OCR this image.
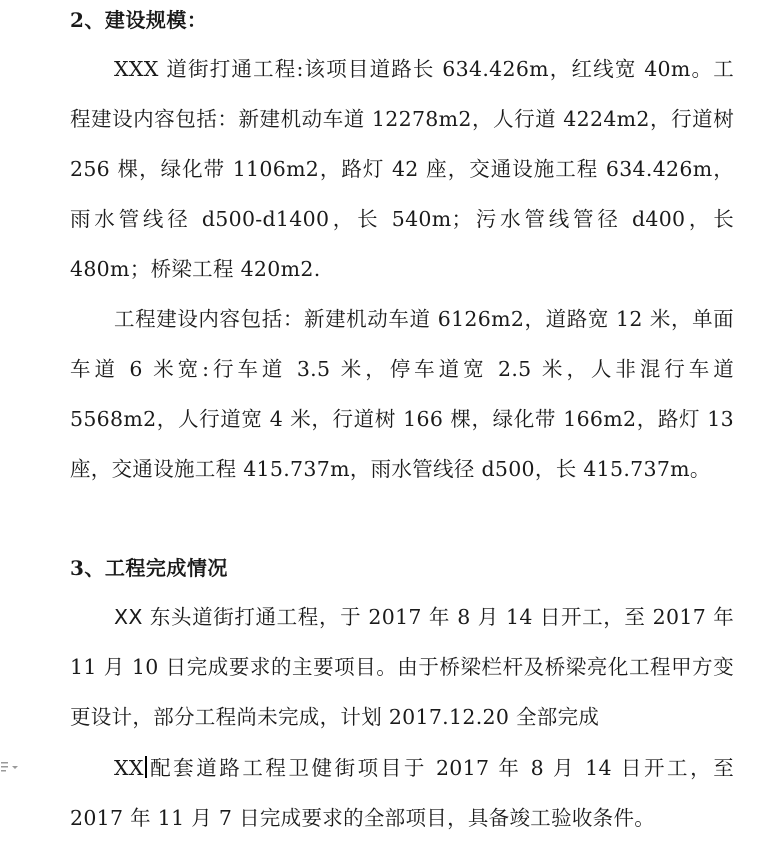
2、建设规模：

XXX 道街打通工程:该项目道路长 634.426m，红线宽 40m。工程建设内容包括：新建机动车道 12278m2，人行道 4224m2，行道树 256 棵，绿化带 1106m2，路灯 42 座，交通设施工程 634.426m，雨水管线径 d500-d1400，长 540m；污水管线管径 d400，长 480m；桥梁工程 420m2.

工程建设内容包括：新建机动车道 6126m2，道路宽 12 米，单面车道 6 米宽:行车道 3.5 米，停车道宽 2.5 米，人非混行车道 5568m2，人行道宽 4 米，行道树 166 棵，绿化带 166m2，路灯 13 座，交通设施工程 415.737m，雨水管线径 d500，长 415.737m。

3、工程完成情况

XX 东头道街打通工程，于 2017 年 8 月 14 日开工，至 2017 年 11 月 10 日完成要求的主要项目。由于桥梁栏杆及桥梁亮化工程甲方变更设计，部分工程尚未完成，计划 2017.12.20 全部完成

XX 配套道路工程卫健街项目于 2017 年 8 月 14 日开工，至 2017 年 11 月 7 日完成要求的全部项目，具备竣工验收条件。
